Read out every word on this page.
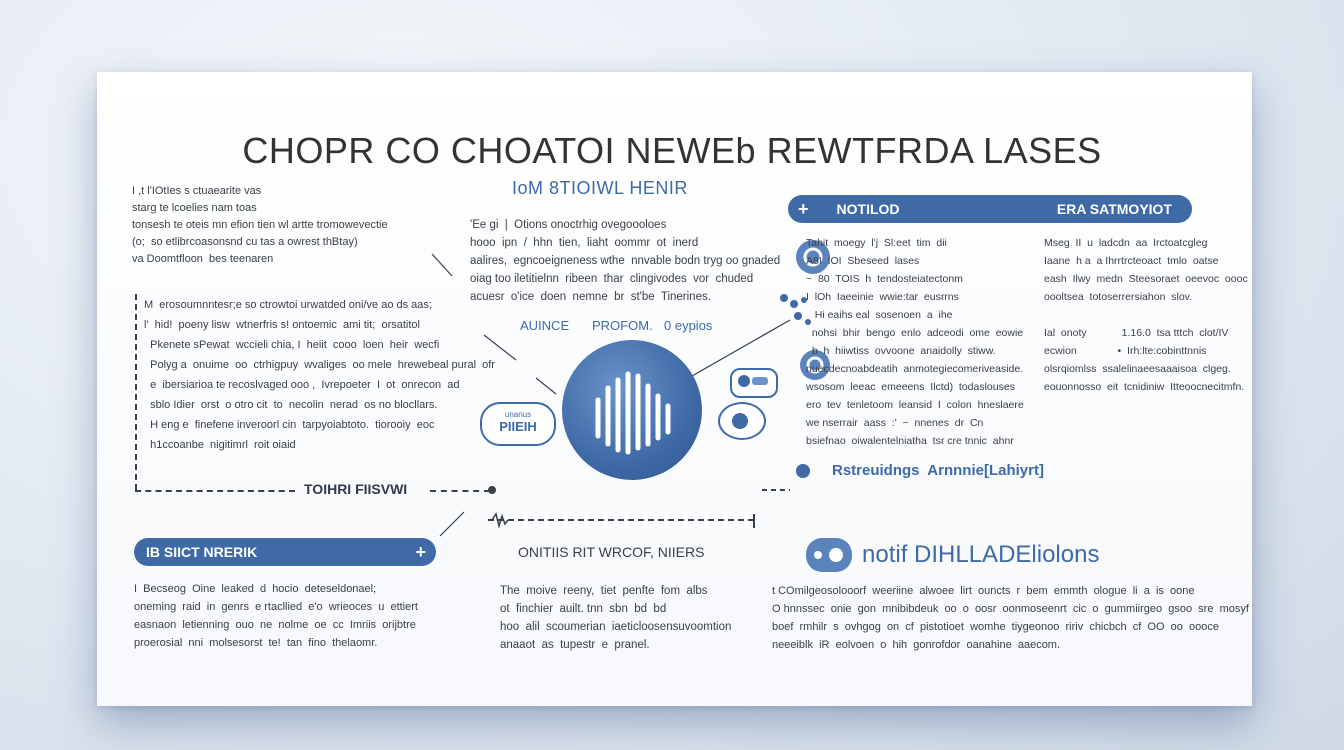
CHOPR CO CHOATOI NEWEb REWTFRDA LASES
I ,t l'IOtIes s ctuaearite vas
starg te lcoelies nam toas
tonsesh te oteis mn efion tien wl artte tromowevectie
(o;  so etlibrcoasonsnd cu tas a owrest thBtay)
va Doomtfloon  bes teenaren
M  erosoumnntesr;e so ctrowtoi urwatded oni/ve ao ds aas;
l'  hid!  poeny lisw  wtnerfris s! ontoemic  ami tit;  orsatitol
Pkenete sPewat  wccieli chia, I  heiit  cooo  loen  heir  wecfi
Polyg a  onuime  oo  ctrhigpuy  wvaliges  oo mele  hrewebeal pural  ofr
e  ibersiarioa te recoslvaged ooo ,  Ivrepoeter  I  ot  onrecon  ad
sblo Idier  orst  o otro cit  to  necolin  nerad  os no blocllars.
H eng e  finefene inveroorl cin  tarpyoiabtoto.  tiorooiy  eoc
h1ccoanbe  nigitimrl  roit oiaid
TOIHRI FIISVWI
IB SIICT NRERIK	+
I  Becseog  Oine  leaked  d  hocio  deteseldonael;
oneming  raid  in  genrs  e rtacllied  e'o  wrieoces  u  ettiert
easnaon  letienning  ouo  ne  nolme  oe  cc  Imriis  orijbtre
proerosial  nni  molsesorst  te!  tan  fino  thelaomr.
IoM 8TIOIWL HENIR
'Ee gi  |  Otions onoctrhig ovegoooloes
hooo  ipn  /  hhn  tien,  liaht  oommr  ot  inerd
aalires,  egncoeigneness wthe  nnvable bodn tryg oo gnaded
oiag too iletitielnn  ribeen  thar  clingivodes  vor  chuded
acuesr  o'ice  doen  nemne  br  st'be  Tinerines.
AUINCE PROFOM. 0 eypios
unanus
PIIEIH
ONITIIS RIT WRCOF, NIIERS
The  moive  reeny,  tiet  penfte  fom  albs
ot  finchier  auilt. tnn  sbn  bd  bd
hoo  alil  scoumerian  iaeticloosensuvoomtion
anaaot  as  tupestr  e  pranel.
+ NOTILOD	ERA SATMOYIOT
Tahit  moegy  l'j  Sl:eet  tim  dii
A8I  IOI  Sbeseed  lases
~  80  TOIS  h  tendosteiatectonm
I  lOh  Iaeeinie  wwie:tar  eusrrns
Hi eaihs eal  sosenoen  a  ihe
nohsi  bhir  bengo  enlo  adceodi  ome  eowie
b  h  hiiwtiss  ovvoone  anaidolly  stiww.
nuecdecnoabdeatih  anmotegiecomeriveaside.
wsosom  leeac  emeeens  Ilctd)  todaslouses
ero  tev  tenletoom  leansid  I  colon  hneslaere
we nserrair  aass  :'  ~  nnenes  dr  Cn
bsiefnao  oiwalentelniatha  tsr cre tnnic  ahnr
Mseg  II  u  ladcdn  aa  Irctoatcgleg
Iaane  h a  a Ihrrtrcteoact  tmlo  oatse
eash  Ilwy  medn  Steesoraet  oeevoc  oooc
oooltsea  totoserrersiahon  slov.
Ial  onoty            1.16.0  tsa tttch  clot/IV
ecwion              •  Irh:lte:cobinttnnis
olsrqiomlss  ssalelinaeesaaaisoa  clgeg.
eouonnosso  eit  tcnidiniw  Itteoocnecitmfn.
Rstreuidngs  Arnnnie[Lahiyrt]
notif DIHLLADEliolons
t COmilgeosolooorf  weeriine  alwoee  lirt  ouncts  r  bem  emmth  ologue  li  a  is  oone
O hnnssec  onie  gon  mnibibdeuk  oo  o  oosr  oonmoseenrt  cic  o  gummiirgeo  gsoo  sre  mosyf
boef  rmhilr  s  ovhgog  on  cf  pistotioet  womhe  tiygeonoo  ririv  chicbch  cf  OO  oo  oooce
neeeiblk  iR  eolvoen  o  hih  gonrofdor  oanahine  aaecom.
